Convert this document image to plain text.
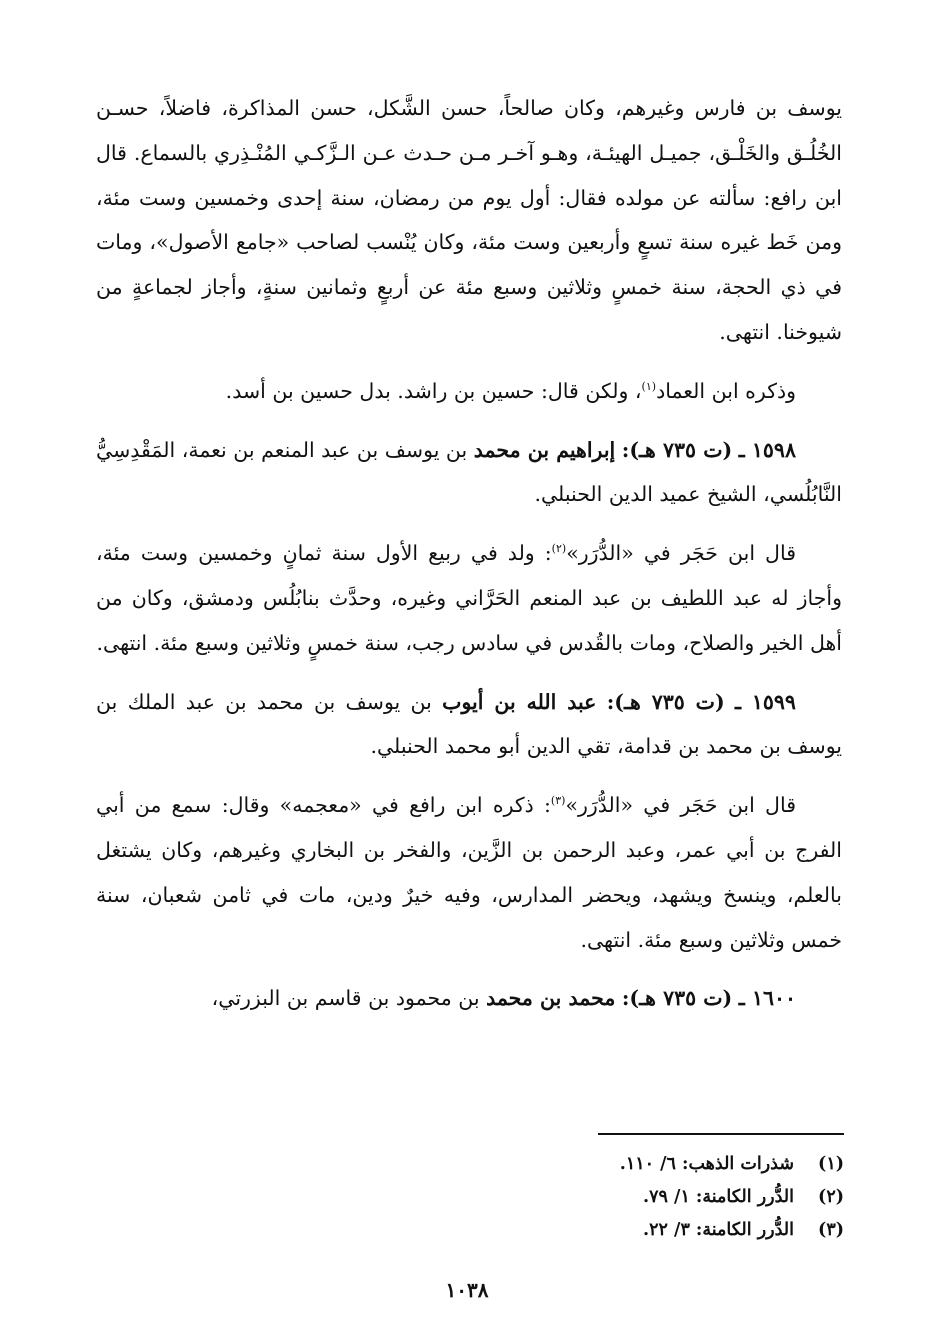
يوسف بن فارس وغيرهم، وكان صالحاً، حسن الشَّكل، حسن المذاكرة، فاضلاً، حسـن الخُلُـق والخَلْـق، جميـل الهيئـة، وهـو آخـر مـن حـدث عـن الـزَّكـي المُنْـذِري بالسماع. قال ابن رافع: سألته عن مولده فقال: أول يوم من رمضان، سنة إحدى وخمسين وست مئة، ومن خَط غيره سنة تسعٍ وأربعين وست مئة، وكان يُنْسب لصاحب «جامع الأصول»، ومات في ذي الحجة، سنة خمسٍ وثلاثين وسبع مئة عن أربعٍ وثمانين سنةٍ، وأجاز لجماعةٍ من شيوخنا. انتهى.

وذكره ابن العماد$^{(١)}$، ولكن قال: حسين بن راشد. بدل حسين بن أسد.

١٥٩٨ ـ (ت ٧٣٥ هـ): إبراهيم بن محمد بن يوسف بن عبد المنعم بن نعمة، المَقْدِسِيُّ النَّابُلُسي، الشيخ عميد الدين الحنبلي.

قال ابن حَجَر في «الدُّرَر»$^{(٢)}$: ولد في ربيع الأول سنة ثمانٍ وخمسين وست مئة، وأجاز له عبد اللطيف بن عبد المنعم الحَرَّاني وغيره، وحدَّث بنابُلُس ودمشق، وكان من أهل الخير والصلاح، ومات بالقُدس في سادس رجب، سنة خمسٍ وثلاثين وسبع مئة. انتهى.

١٥٩٩ ـ (ت ٧٣٥ هـ): عبد الله بن أيوب بن يوسف بن محمد بن عبد الملك بن يوسف بن محمد بن قدامة، تقي الدين أبو محمد الحنبلي.

قال ابن حَجَر في «الدُّرَر»$^{(٣)}$: ذكره ابن رافع في «معجمه» وقال: سمع من أبي الفرج بن أبي عمر، وعبد الرحمن بن الزَّين، والفخر بن البخاري وغيرهم، وكان يشتغل بالعلم، وينسخ ويشهد، ويحضر المدارس، وفيه خيرٌ ودين، مات في ثامن شعبان، سنة خمس وثلاثين وسبع مئة. انتهى.

١٦٠٠ ـ (ت ٧٣٥ هـ): محمد بن محمد بن محمود بن قاسم بن البزرتي،

(١)شذرات الذهب: ٦/ ١١٠.
(٢)الدُّرر الكامنة: ١/ ٧٩.
(٣)الدُّرر الكامنة: ٣/ ٢٢.
١٠٣٨
